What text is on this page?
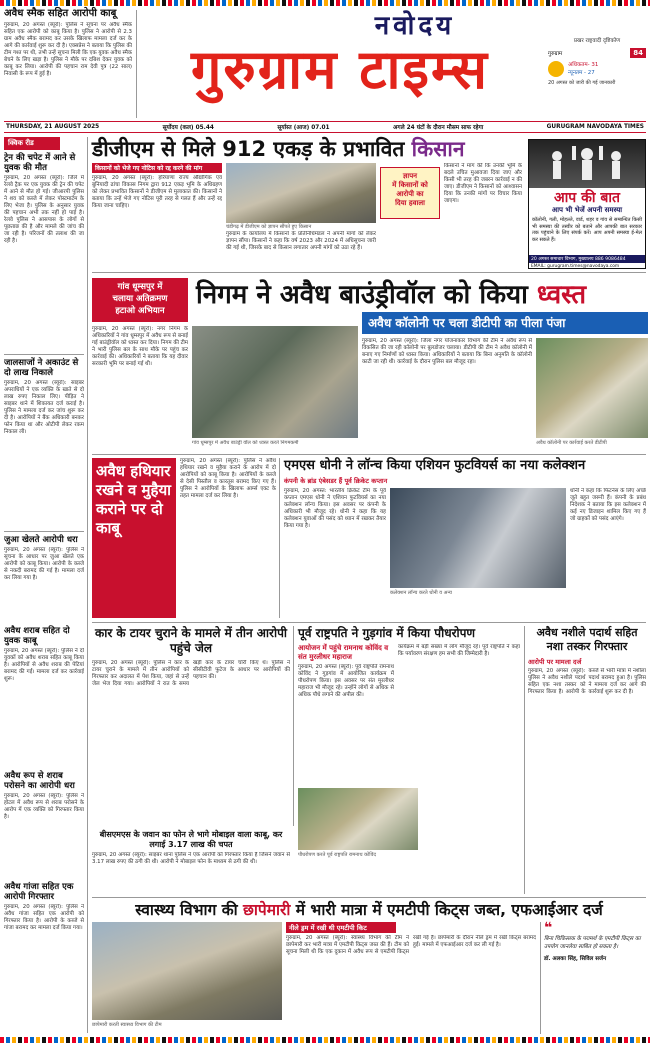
अवैध स्मैक सहित आरोपी काबू
गुरुग्राम, 20 अगस्त (ब्यूरो): पुलिस ने सूचना पर अवैध स्मैक सहित एक आरोपी को काबू किया है। पुलिस ने आरोपी से 2.3 ग्राम अवैध स्मैक बरामद कर उसके खिलाफ मामला दर्ज कर के आगे की कार्रवाई शुरू कर दी है। एक्सप्रेस ने बताया कि पुलिस की टीम गश्त पर थी, तभी उन्हें सूचना मिली कि एक युवक अवैध स्मैक बेचने के लिए खड़ा है। पुलिस ने मौके पर दबिश देकर युवक को काबू कर लिया। आरोपी की पहचान राम देवी पुत्र (22 साल) निवासी के रूप में हुई है।
नवोदय
गुरुग्राम टाइम्स	प्रखर राष्ट्रवादी दृष्टिकोण
गुरुग्राम	84
अधिकतम- 31
न्यूनतम - 27
20 अगस्त को जारी की गई जानकारी
THURSDAY, 21 AUGUST 2025	सूर्योदय (कल) 05.44	सूर्यास्त (आज) 07.01	अगले 24 घंटों के दौरान मौसम साफ रहेगा	GURUGRAM NAVODAYA TIMES
क्विक रीड
ट्रेन की चपेट में आने से युवक की मौत
गुरुग्राम, 20 अगस्त (ब्यूरो): जिले में रेलवे ट्रैक पर एक युवक की ट्रेन की चपेट में आने से मौत हो गई। जीआरपी पुलिस ने शव को कब्जे में लेकर पोस्टमार्टम के लिए भेजा है। पुलिस के अनुसार युवक की पहचान अभी तक नहीं हो पाई है। रेलवे पुलिस ने आसपास के लोगों से पूछताछ की है और मामले की जांच की जा रही है। परिजनों की तलाश की जा रही है।
जालसाजों ने अकाउंट से दो लाख निकाले
गुरुग्राम, 20 अगस्त (ब्यूरो): साइबर अपराधियों ने एक व्यक्ति के खाते से दो लाख रुपए निकाल लिए। पीड़ित ने साइबर थाने में शिकायत दर्ज कराई है। पुलिस ने मामला दर्ज कर जांच शुरू कर दी है। आरोपियों ने बैंक अधिकारी बनकर फोन किया था और ओटीपी लेकर रकम निकाल ली।
जुआ खेलते आरोपी धरा
गुरुग्राम, 20 अगस्त (ब्यूरो): पुलिस ने सूचना के आधार पर जुआ खेलते एक आरोपी को काबू किया। आरोपी के कब्जे से नकदी बरामद की गई है। मामला दर्ज कर लिया गया है।
अवैध शराब सहित दो युवक काबू
गुरुग्राम, 20 अगस्त (ब्यूरो): पुलिस ने दो युवकों को अवैध शराब सहित काबू किया है। आरोपियों से अवैध शराब की पेटियां बरामद की गईं। मामला दर्ज कर कार्रवाई शुरू।
अवैध रूप से शराब परोसने का आरोपी धरा
गुरुग्राम, 20 अगस्त (ब्यूरो): पुलिस ने होटल में अवैध रूप से शराब परोसने के आरोप में एक व्यक्ति को गिरफ्तार किया है।
अवैध गांजा सहित एक आरोपी गिरफ्तार
गुरुग्राम, 20 अगस्त (ब्यूरो): पुलिस ने अवैध गांजा सहित एक आरोपी को गिरफ्तार किया है। आरोपी के कब्जे से गांजा बरामद कर मामला दर्ज किया गया।
डीजीएम से मिले 912 एकड़ के प्रभावित किसान
किसानों को भेजे गए नोटिस को रद्द करने की मांग
गुरुग्राम, 20 अगस्त (ब्यूरो): हरियाणा राज्य औद्योगिक एवं बुनियादी ढांचा विकास निगम द्वारा 912 एकड़ भूमि के अधिग्रहण को लेकर प्रभावित किसानों ने डीजीएम से मुलाकात की। किसानों ने बताया कि उन्हें भेजे गए नोटिस पूरी तरह से गलत हैं और उन्हें रद्द किया जाना चाहिए।
चंडीगढ़ में डीजीएम को ज्ञापन सौंपते हुए किसान
गुरुग्राम के कार्यालय में किसानों के प्रतिनिधिमंडल ने अपनी मांगों को लेकर ज्ञापन सौंपा। किसानों ने कहा कि वर्ष 2023 और 2024 में अधिसूचना जारी की गई थी, जिसके बाद से किसान लगातार अपनी मांगों को उठा रहे हैं।
ज्ञापन
में किसानों को
आरोपी का
दिया हवाला
किसानों ने मांग की कि उनकी भूमि के बदले उचित मुआवजा दिया जाए और किसी भी तरह की जबरन कार्रवाई न की जाए। डीजीएम ने किसानों को आश्वासन दिया कि उनकी मांगों पर विचार किया जाएगा।	आप की बात
आप भी भेजें अपनी समस्या
कॉलोनी, गली, मोहल्ले, वार्ड, शहर व गांव से सम्बन्धित किसी भी समस्या की तस्वीर को बताने और आपकी बात सरकार तक पहुंचाने के लिए संपर्क करें। आप अपनी समस्या ई-मेल कर सकते हैं।
20 अगस्त समाचार विभाग, मुख्यालय 886 9086484
EMAIL: gurugram.times@navodaya.com
गांव धूम्सपुर में
चलाया अतिक्रमण
हटाओ अभियान
निगम ने अवैध बाउंड्रीवॉल को किया ध्वस्त
गुरुग्राम, 20 अगस्त (ब्यूरो): नगर निगम के अधिकारियों ने गांव धूम्सपुर में अवैध रूप से बनाई गई बाउंड्रीवॉल को ध्वस्त कर दिया। निगम की टीम ने भारी पुलिस बल के साथ मौके पर पहुंच कर कार्रवाई की। अधिकारियों ने बताया कि यह दीवार सरकारी भूमि पर बनाई गई थी।
गांव धूम्सपुर में अवैध बाउंड्री वॉल को ध्वस्त करते निगमकर्मी
अवैध कॉलोनी पर चला डीटीपी का पीला पंजा
गुरुग्राम, 20 अगस्त (ब्यूरो): जिला नगर योजनाकार विभाग की टीम ने अवैध रूप से विकसित की जा रही कॉलोनी पर बुलडोजर चलाया। डीटीपी की टीम ने अवैध कॉलोनी में बनाए गए निर्माणों को ध्वस्त किया। अधिकारियों ने बताया कि बिना अनुमति के कॉलोनी काटी जा रही थी। कार्रवाई के दौरान पुलिस बल मौजूद रहा।
अवैध कॉलोनी पर कार्रवाई करते डीटीपी
अवैध हथियार रखने व मुहैया कराने पर दो काबू
गुरुग्राम, 20 अगस्त (ब्यूरो): पुलिस ने अवैध हथियार रखने व मुहैया कराने के आरोप में दो आरोपियों को काबू किया है। आरोपियों के कब्जे से देसी पिस्तौल व कारतूस बरामद किए गए हैं। पुलिस ने आरोपियों के खिलाफ आर्म्स एक्ट के तहत मामला दर्ज कर लिया है।
एमएस धोनी ने लॉन्च किया एशियन फुटवियर्स का नया कलेक्शन
कंपनी के ब्रांड एंबेसडर हैं पूर्व क्रिकेट कप्तान
गुरुग्राम, 20 अगस्त: भारतीय क्रिकेट टीम के पूर्व कप्तान एमएस धोनी ने एशियन फुटवियर्स का नया कलेक्शन लॉन्च किया। इस अवसर पर कंपनी के अधिकारी भी मौजूद रहे। धोनी ने कहा कि यह कलेक्शन युवाओं की पसंद को ध्यान में रखकर तैयार किया गया है।
कलेक्शन लॉन्च करते धोनी व अन्य
धोनी ने कहा कि फिटनेस के लिए अच्छे जूते बहुत जरूरी हैं। कंपनी के प्रबंध निदेशक ने बताया कि इस कलेक्शन में कई नए डिजाइन शामिल किए गए हैं जो ग्राहकों को पसंद आएंगे।
कार के टायर चुराने के मामले में तीन आरोपी पहुंचे जेल
गुरुग्राम, 20 अगस्त (ब्यूरो): पुलिस ने कार के टायर चुराने के मामले में तीन आरोपियों को गिरफ्तार कर अदालत में पेश किया, जहां से उन्हें जेल भेज दिया गया। आरोपियों ने रात के समय खड़ी कार के टायर चोरी किए थे। पुलिस ने सीसीटीवी फुटेज के आधार पर आरोपियों की पहचान की।
पूर्व राष्ट्रपति ने गुड़गांव में किया पौधरोपण
आयोजन में पहुंचे रामनाथ कोविंद व संत मुरलीधर महाराज
गुरुग्राम, 20 अगस्त (ब्यूरो): पूर्व राष्ट्रपति रामनाथ कोविंद ने गुड़गांव में आयोजित कार्यक्रम में पौधरोपण किया। इस अवसर पर संत मुरलीधर महाराज भी मौजूद रहे। उन्होंने लोगों से अधिक से अधिक पौधे लगाने की अपील की।
कार्यक्रम में बड़ी संख्या में लोग मौजूद रहे। पूर्व राष्ट्रपति ने कहा कि पर्यावरण संरक्षण हम सभी की जिम्मेदारी है।
पौधरोपण करते पूर्व राष्ट्रपति रामनाथ कोविंद
अवैध नशीले पदार्थ सहित नशा तस्कर गिरफ्तार
आरोपी पर मामला दर्ज
गुरुग्राम, 20 अगस्त (ब्यूरो): पुलिस ने अवैध नशीले पदार्थ सहित एक नशा तस्कर को गिरफ्तार किया है। आरोपी के कब्जे से भारी मात्रा में नशीला पदार्थ बरामद हुआ है। पुलिस ने मामला दर्ज कर आगे की कार्रवाई शुरू कर दी है।
बीसएमएस के जवान का फोन ले भागे मोबाइल वाला काबू, कर लगाई 3.17 लाख की चपत
गुरुग्राम, 20 अगस्त (ब्यूरो): साइबर थाना पुलिस ने एक आरोपी को गिरफ्तार किया है जिसने जवान से 3.17 लाख रुपए की ठगी की थी। आरोपी ने मोबाइल फोन के माध्यम से ठगी की थी।
स्वास्थ्य विभाग की छापेमारी में भारी मात्रा में एमटीपी किट्स जब्त, एफआईआर दर्ज
छापेमारी करती स्वास्थ्य विभाग की टीम
नीले ड्रम में रखी थी एमटीपी किट
गुरुग्राम, 20 अगस्त (ब्यूरो): स्वास्थ्य विभाग की टीम ने छापेमारी कर भारी मात्रा में एमटीपी किट्स जब्त की हैं। टीम को सूचना मिली थी कि एक दुकान में अवैध रूप से एमटीपी किट्स रखी गई हैं। छापेमारी के दौरान नीले ड्रम में रखी किट्स बरामद हुईं। मामले में एफआईआर दर्ज कर ली गई है।
❝
बिना चिकित्सक के परामर्श के एमटीपी किट्स का उपयोग जानलेवा साबित हो सकता है।
डॉ. अलका सिंह, सिविल सर्जन
